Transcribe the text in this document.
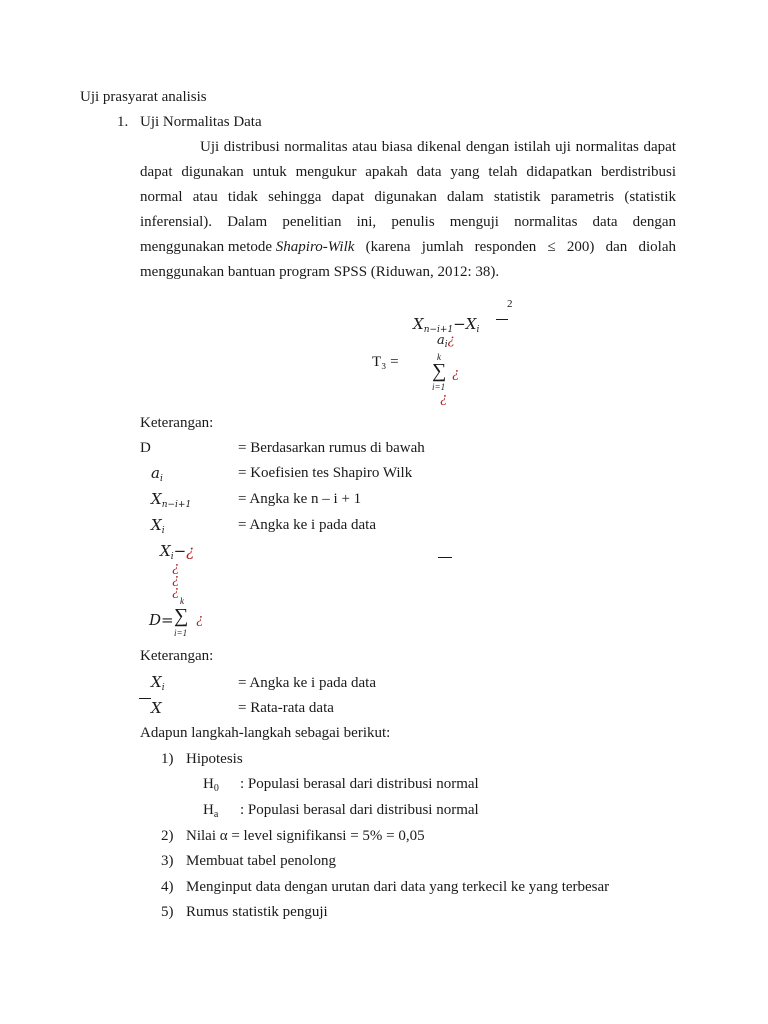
Uji prasyarat analisis
1. Uji Normalitas Data
Uji distribusi normalitas atau biasa dikenal dengan istilah uji normalitas dapat
dapat digunakan untuk mengukur apakah data yang telah didapatkan berdistribusi
normal atau tidak sehingga dapat digunakan dalam statistik parametris (statistik
inferensial). Dalam penelitian ini, penulis menguji normalitas data dengan
menggunakan metode Shapiro-Wilk (karena jumlah responden ≤ 200) dan diolah
menggunakan bantuan program SPSS (Riduwan, 2012: 38).
2
$X_{n-i+1}-X_i$
$a_i¿$
k
T₃ = ∑ ¿
i=1
¿
Keterangan:
D	= Berdasarkan rumus di bawah
$a_i$	= Koefisien tes Shapiro Wilk
$X_{n-i+1}$	= Angka ke n – i + 1
$X_i$	= Angka ke i pada data
$X_i-¿$
¿
¿
¿
k
D= ∑ ¿
i=1
Keterangan:
$X_i$	= Angka ke i pada data
X	= Rata-rata data
Adapun langkah-langkah sebagai berikut:
1) Hipotesis
$H_0$ : Populasi berasal dari distribusi normal
$H_a$ : Populasi berasal dari distribusi normal
2) Nilai α = level signifikansi = 5% = 0,05
3) Membuat tabel penolong
4) Menginput data dengan urutan dari data yang terkecil ke yang terbesar
5) Rumus statistik penguji
